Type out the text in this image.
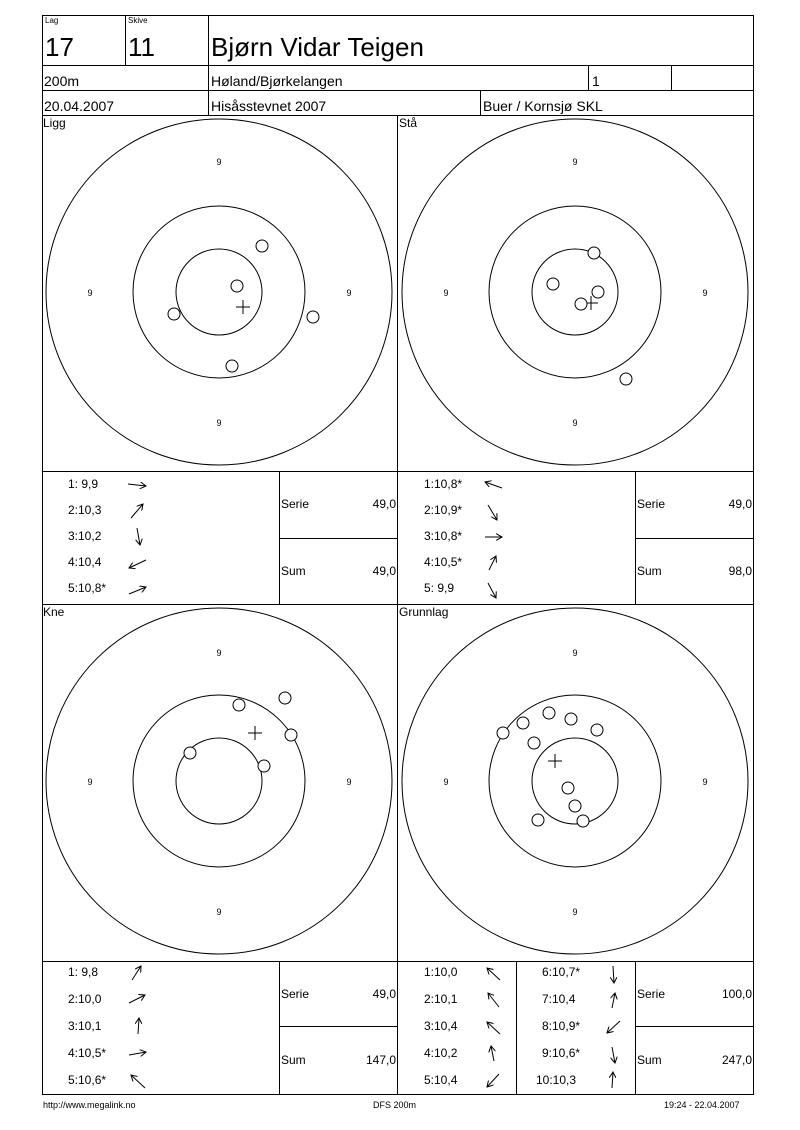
Lag
17
Skive
11 Bjørn Vidar Teigen
200m	Høland/Bjørkelangen	1
20.04.2007	Hisåsstevnet 2007	Buer / Kornsjø SKL
Ligg
9
9
9	9
Stå
9
9
9	9
Kne
9
9
9	9
Grunnlag
9
9
9	9
1: 9,9
2:10,3
3:10,2
4:10,4
5:10,8*
1:10,8*
2:10,9*
3:10,8*
4:10,5*
5: 9,9
1: 9,8
2:10,0
3:10,1
4:10,5*
5:10,6*
1:10,0
2:10,1
3:10,4
4:10,2
5:10,4
6:10,7*
7:10,4
8:10,9*
9:10,6*
10:10,3
Serie	49,0
Sum	49,0
Serie	49,0
Sum	98,0
Serie	49,0
Sum	147,0
Serie	100,0
Sum	247,0
http://www.megalink.no	DFS 200m	19:24 - 22.04.2007
